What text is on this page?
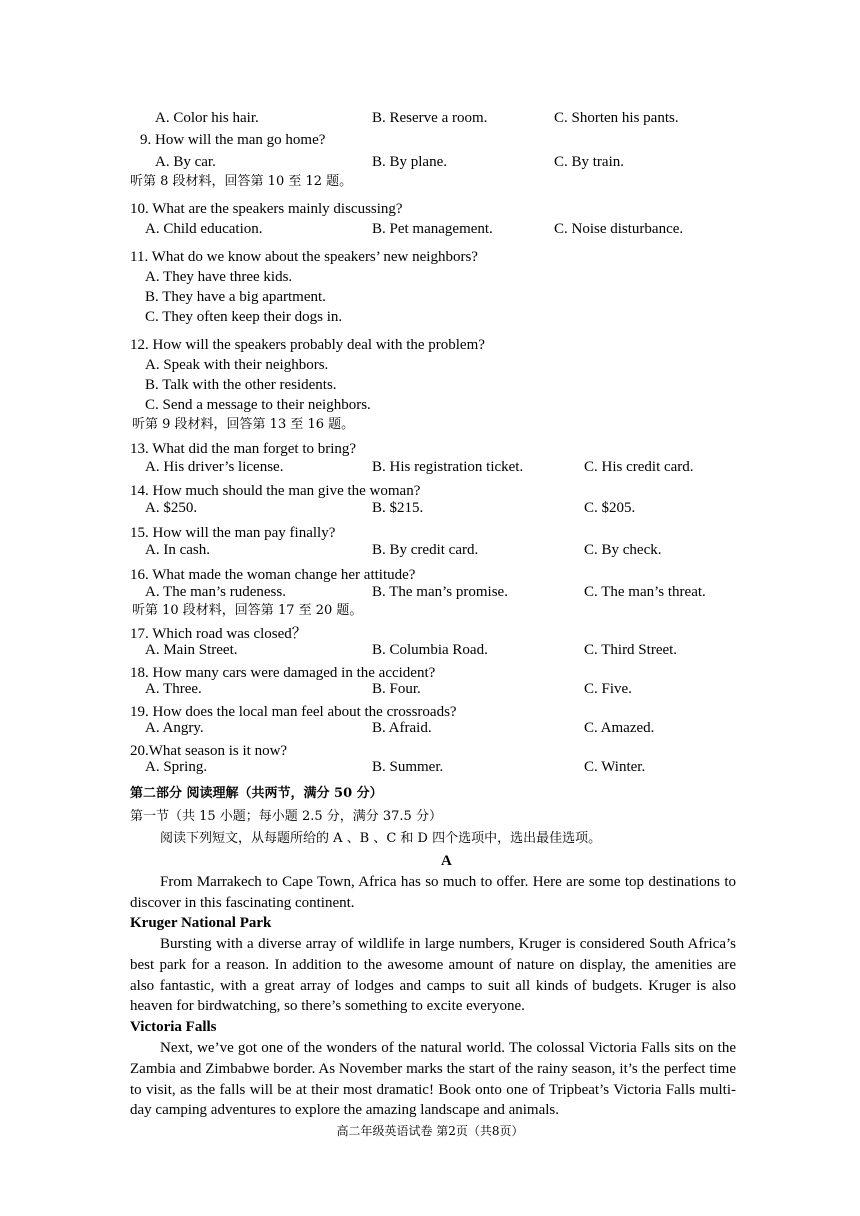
A. Color his hair.	B. Reserve a room.	C. Shorten his pants.
9. How will the man go home?
A. By car.	B. By plane.	C. By train.
听第 8 段材料，回答第 10 至 12 题。
10. What are the speakers mainly discussing?
A. Child education.	B. Pet management.	C. Noise disturbance.
11. What do we know about the speakers’ new neighbors?
A. They have three kids.
B. They have a big apartment.
C. They often keep their dogs in.
12. How will the speakers probably deal with the problem?
A. Speak with their neighbors.
B. Talk with the other residents.
C. Send a message to their neighbors.
听第 9 段材料，回答第 13 至 16 题。
13. What did the man forget to bring?
A. His driver’s license.	B. His registration ticket.	C. His credit card.
14. How much should the man give the woman?
A. $250.	B. $215.	C. $205.
15. How will the man pay finally?
A. In cash.	B. By credit card.	C. By check.
16. What made the woman change her attitude?
A. The man’s rudeness.	B. The man’s promise.	C. The man’s threat.
听第 10 段材料，回答第 17 至 20 题。
17. Which road was closed？
A. Main Street.	B. Columbia Road.	C. Third Street.
18. How many cars were damaged in the accident?
A. Three.	B. Four.	C. Five.
19. How does the local man feel about the crossroads?
A. Angry.	B. Afraid.	C. Amazed.
20.What season is it now?
A. Spring.	B. Summer.	C. Winter.
第二部分 阅读理解（共两节，满分 50 分）
第一节（共 15 小题；每小题 2.5 分，满分 37.5 分）
阅读下列短文，从每题所给的 A 、B 、C 和 D 四个选项中，选出最佳选项。
A
From Marrakech to Cape Town, Africa has so much to offer. Here are some top destinations to discover in this fascinating continent.
Kruger National Park
Bursting with a diverse array of wildlife in large numbers, Kruger is considered South Africa’s best park for a reason. In addition to the awesome amount of nature on display, the amenities are also fantastic, with a great array of lodges and camps to suit all kinds of budgets. Kruger is also heaven for birdwatching, so there’s something to excite everyone.
Victoria Falls
Next, we’ve got one of the wonders of the natural world. The colossal Victoria Falls sits on the Zambia and Zimbabwe border. As November marks the start of the rainy season, it’s the perfect time to visit, as the falls will be at their most dramatic! Book onto one of Tripbeat’s Victoria Falls multi-day camping adventures to explore the amazing landscape and animals.
高二年级英语试卷 第2页（共8页）
